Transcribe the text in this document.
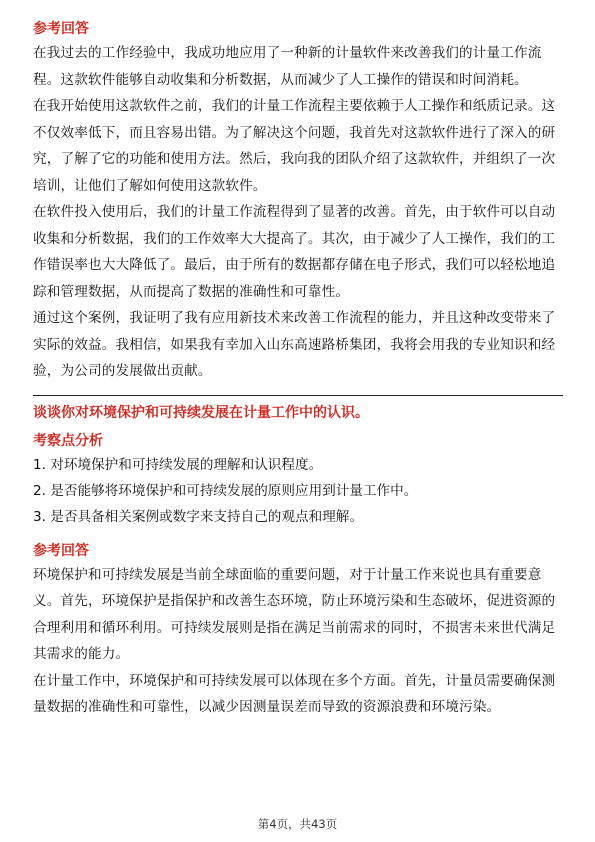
参考回答

在我过去的工作经验中，我成功地应用了一种新的计量软件来改善我们的计量工作流程。这款软件能够自动收集和分析数据，从而减少了人工操作的错误和时间消耗。

在我开始使用这款软件之前，我们的计量工作流程主要依赖于人工操作和纸质记录。这不仅效率低下，而且容易出错。为了解决这个问题，我首先对这款软件进行了深入的研究，了解了它的功能和使用方法。然后，我向我的团队介绍了这款软件，并组织了一次培训，让他们了解如何使用这款软件。

在软件投入使用后，我们的计量工作流程得到了显著的改善。首先，由于软件可以自动收集和分析数据，我们的工作效率大大提高了。其次，由于减少了人工操作，我们的工作错误率也大大降低了。最后，由于所有的数据都存储在电子形式，我们可以轻松地追踪和管理数据，从而提高了数据的准确性和可靠性。

通过这个案例，我证明了我有应用新技术来改善工作流程的能力，并且这种改变带来了实际的效益。我相信，如果我有幸加入山东高速路桥集团，我将会用我的专业知识和经验，为公司的发展做出贡献。

谈谈你对环境保护和可持续发展在计量工作中的认识。

考察点分析

1. 对环境保护和可持续发展的理解和认识程度。

2. 是否能够将环境保护和可持续发展的原则应用到计量工作中。

3. 是否具备相关案例或数字来支持自己的观点和理解。

参考回答

环境保护和可持续发展是当前全球面临的重要问题，对于计量工作来说也具有重要意义。首先，环境保护是指保护和改善生态环境，防止环境污染和生态破坏，促进资源的合理利用和循环利用。可持续发展则是指在满足当前需求的同时，不损害未来世代满足其需求的能力。

在计量工作中，环境保护和可持续发展可以体现在多个方面。首先，计量员需要确保测量数据的准确性和可靠性，以减少因测量误差而导致的资源浪费和环境污染。

第4页，共43页
